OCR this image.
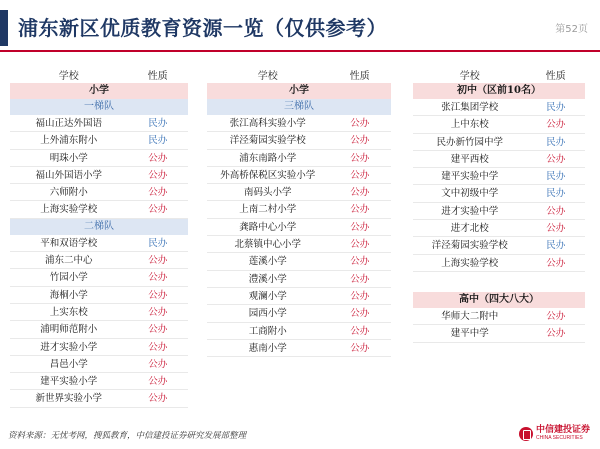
浦东新区优质教育资源一览（仅供参考）	第52页
学校	性质
小学
一梯队
福山正达外国语	民办
上外浦东附小	民办
明珠小学	公办
福山外国语小学	公办
六师附小	公办
上海实验学校	公办
二梯队
平和双语学校	民办
浦东二中心	公办
竹园小学	公办
海桐小学	公办
上实东校	公办
浦明师范附小	公办
进才实验小学	公办
昌邑小学	公办
建平实验小学	公办
新世界实验小学	公办
学校	性质
小学
三梯队
张江高科实验小学	公办
洋泾菊园实验学校	公办
浦东南路小学	公办
外高桥保税区实验小学	公办
南码头小学	公办
上南二村小学	公办
龚路中心小学	公办
北蔡镇中心小学	公办
莲溪小学	公办
澧溪小学	公办
观澜小学	公办
园西小学	公办
工商附小	公办
惠南小学	公办
学校	性质
初中（区前10名）
张江集团学校	民办
上中东校	公办
民办新竹园中学	民办
建平西校	公办
建平实验中学	民办
文中初级中学	民办
进才实验中学	公办
进才北校	公办
洋泾菊园实验学校	民办
上海实验学校	公办
高中（四大八大）
华师大二附中	公办
建平中学	公办
资料来源：无忧考网，搜狐教育，中信建投证券研究发展部整理
中信建投证券
CHINA SECURITIES
